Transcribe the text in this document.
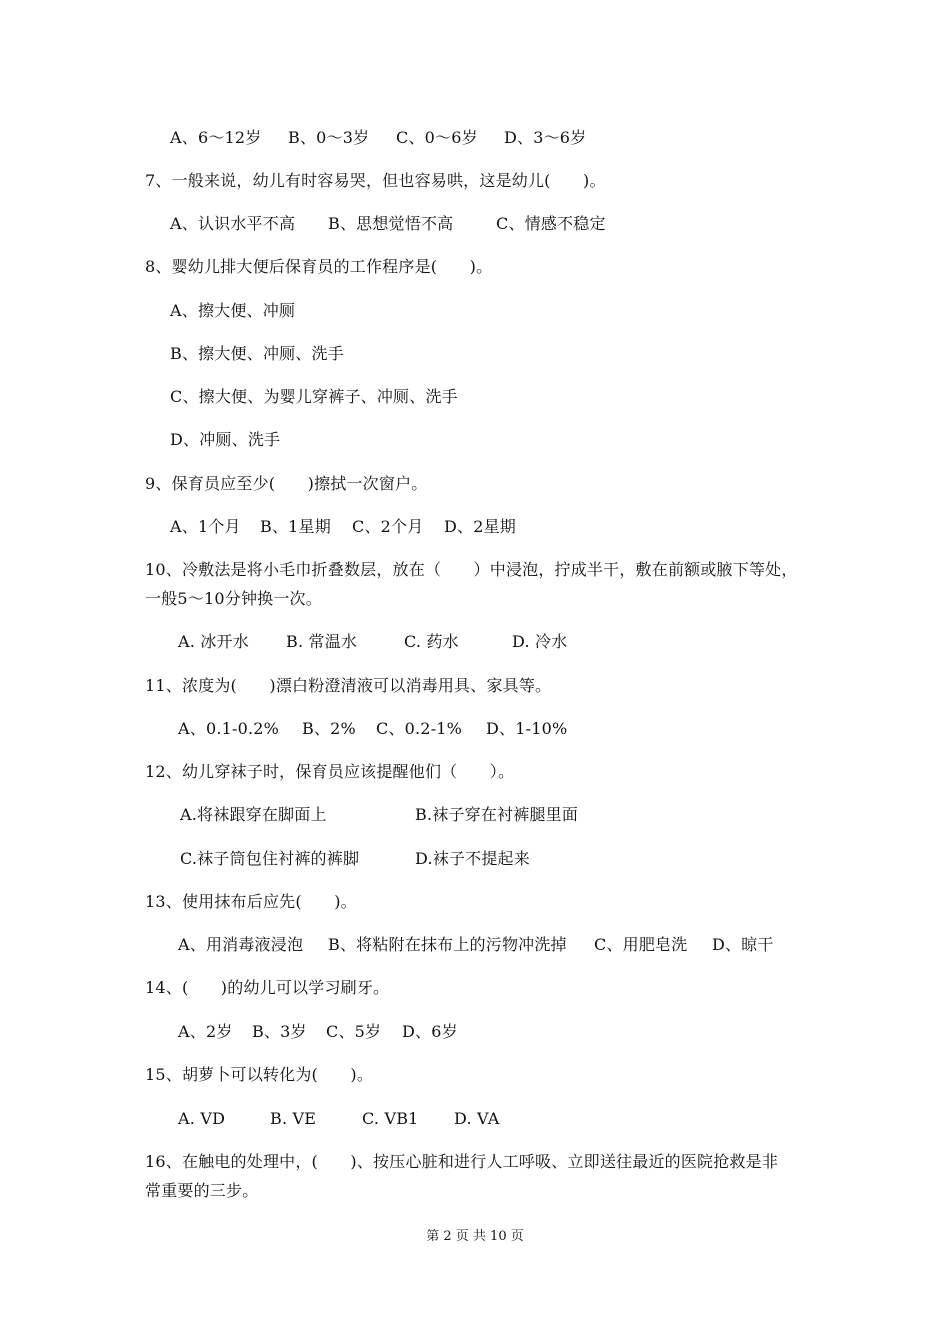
A、6～12岁 B、0～3岁 C、0～6岁 D、3～6岁
7、一般来说，幼儿有时容易哭，但也容易哄，这是幼儿(　　)。
A、认识水平不高 B、思想觉悟不高	C、情感不稳定
8、婴幼儿排大便后保育员的工作程序是(　　)。
A、擦大便、冲厕
B、擦大便、冲厕、洗手
C、擦大便、为婴儿穿裤子、冲厕、洗手
D、冲厕、洗手
9、保育员应至少(　　)擦拭一次窗户。
A、1个月 B、1星期 C、2个月 D、2星期
10、冷敷法是将小毛巾折叠数层，放在（　　）中浸泡，拧成半干，敷在前额或腋下等处，
一般5～10分钟换一次。
A. 冰开水 B. 常温水	C. 药水	D. 冷水
11、浓度为(　　)漂白粉澄清液可以消毒用具、家具等。
A、0.1-0.2% B、2% C、0.2-1% D、1-10%
12、幼儿穿袜子时，保育员应该提醒他们（　　）。
A.将袜跟穿在脚面上	B.袜子穿在衬裤腿里面
C.袜子筒包住衬裤的裤脚	D.袜子不提起来
13、使用抹布后应先(　　)。
A、用消毒液浸泡 B、将粘附在抹布上的污物冲洗掉 C、用肥皂洗 D、晾干
14、(　　)的幼儿可以学习刷牙。
A、2岁 B、3岁 C、5岁 D、6岁
15、胡萝卜可以转化为(　　)。
A. VD	B. VE	C. VB1 D. VA
16、在触电的处理中，(　　)、按压心脏和进行人工呼吸、立即送往最近的医院抢救是非
常重要的三步。
第 2 页 共 10 页
